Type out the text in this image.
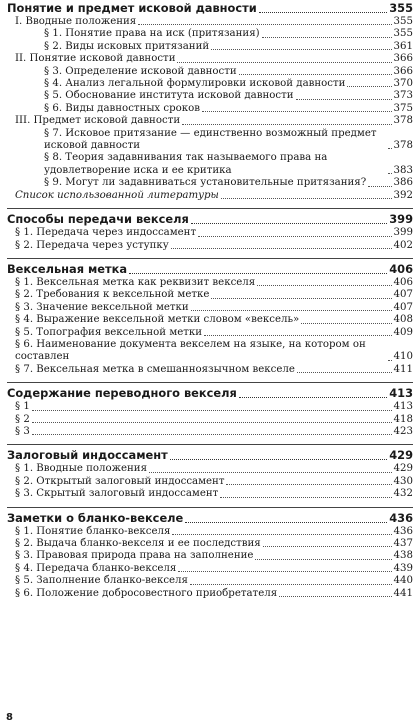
Понятие и предмет исковой давности	355
I. Вводные положения	355
§ 1. Понятие права на иск (притязания)	355
§ 2. Виды исковых притязаний	361
II. Понятие исковой давности	366
§ 3. Определение исковой давности	366
§ 4. Анализ легальной формулировки исковой давности	370
§ 5. Обоснование института исковой давности	373
§ 6. Виды давностных сроков	375
III. Предмет исковой давности	378
§ 7. Исковое притязание — единственно возможный предмет исковой давности	378
§ 8. Теория задавнивания так называемого права на удовлетворение иска и ее критика	383
§ 9. Могут ли задавниваться установительные притязания?	386
Список использованной литературы	392
Способы передачи векселя	399
§ 1. Передача через индоссамент	399
§ 2. Передача через уступку	402
Вексельная метка	406
§ 1. Вексельная метка как реквизит векселя	406
§ 2. Требования к вексельной метке	407
§ 3. Значение вексельной метки	407
§ 4. Выражение вексельной метки словом «вексель»	408
§ 5. Топография вексельной метки	409
§ 6. Наименование документа векселем на языке, на котором он составлен	410
§ 7. Вексельная метка в смешанноязычном векселе	411
Содержание переводного векселя	413
§ 1	413
§ 2	418
§ 3	423
Залоговый индоссамент	429
§ 1. Вводные положения	429
§ 2. Открытый залоговый индоссамент	430
§ 3. Скрытый залоговый индоссамент	432
Заметки о бланко-векселе	436
§ 1. Понятие бланко-векселя	436
§ 2. Выдача бланко-векселя и ее последствия	437
§ 3. Правовая природа права на заполнение	438
§ 4. Передача бланко-векселя	439
§ 5. Заполнение бланко-векселя	440
§ 6. Положение добросовестного приобретателя	441
8
